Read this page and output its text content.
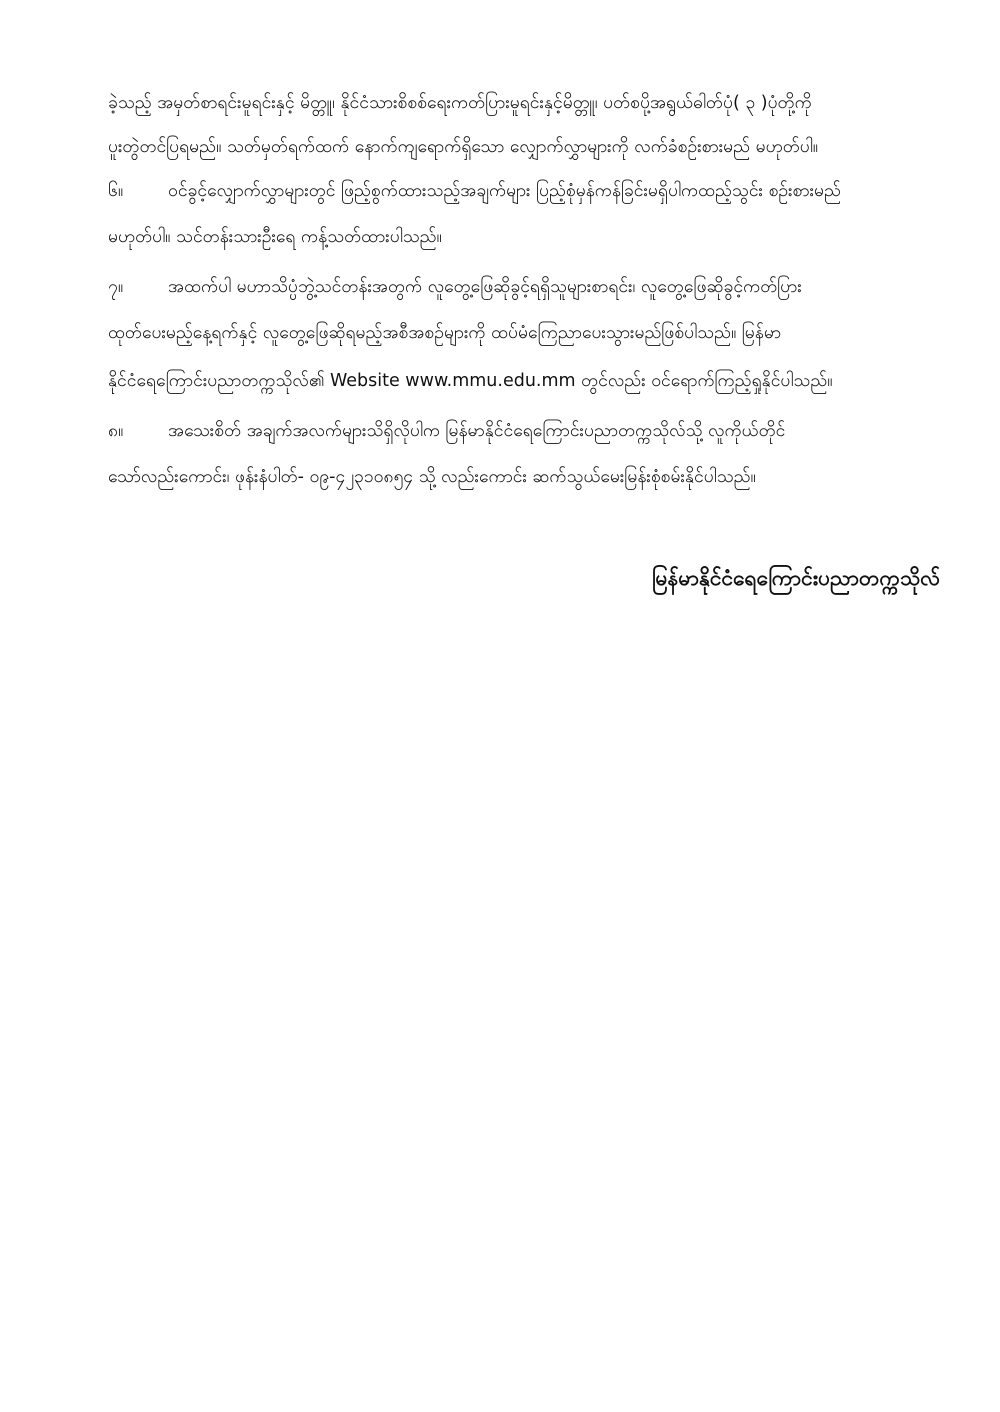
ခဲ့သည့် အမှတ်စာရင်းမူရင်းနှင့် မိတ္တူ၊ နိုင်ငံသားစိစစ်ရေးကတ်ပြားမူရင်းနှင့်မိတ္တူ၊ ပတ်စပို့အရွယ်ဓါတ်ပုံ( ၃ )ပုံတို့ကို
ပူးတွဲတင်ပြရမည်။ သတ်မှတ်ရက်ထက် နောက်ကျရောက်ရှိသော လျှောက်လွှာများကို လက်ခံစဉ်းစားမည် မဟုတ်ပါ။
၆။	ဝင်ခွင့်လျှောက်လွှာများတွင် ဖြည့်စွက်ထားသည့်အချက်များ ပြည့်စုံမှန်ကန်ခြင်းမရှိပါကထည့်သွင်း စဉ်းစားမည်
မဟုတ်ပါ။ သင်တန်းသားဦးရေ ကန့်သတ်ထားပါသည်။
၇။	အထက်ပါ မဟာသိပ္ပံဘွဲ့သင်တန်းအတွက် လူတွေ့ဖြေဆိုခွင့်ရရှိသူများစာရင်း၊ လူတွေ့ဖြေဆိုခွင့်ကတ်ပြား
ထုတ်ပေးမည့်နေ့ရက်နှင့် လူတွေ့ဖြေဆိုရမည့်အစီအစဉ်များကို ထပ်မံကြေညာပေးသွားမည်ဖြစ်ပါသည်။ မြန်မာ
နိုင်ငံရေကြောင်းပညာတက္ကသိုလ်၏ Website www.mmu.edu.mm တွင်လည်း ဝင်ရောက်ကြည့်ရှုနိုင်ပါသည်။
၈။	အသေးစိတ် အချက်အလက်များသိရှိလိုပါက မြန်မာနိုင်ငံရေကြောင်းပညာတက္ကသိုလ်သို့ လူကိုယ်တိုင်
သော်လည်းကောင်း၊ ဖုန်းနံပါတ်- ၀၉-၄၂၃၁၀၈၅၄ သို့ လည်းကောင်း ဆက်သွယ်မေးမြန်းစုံစမ်းနိုင်ပါသည်။
မြန်မာနိုင်ငံရေကြောင်းပညာတက္ကသိုလ်
